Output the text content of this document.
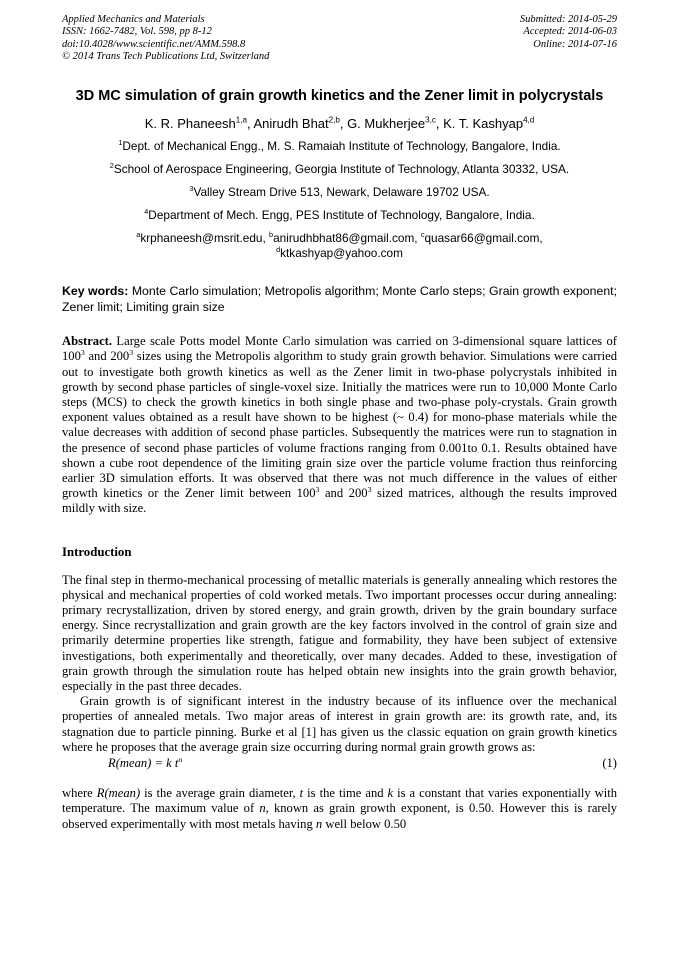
Applied Mechanics and Materials
ISSN: 1662-7482, Vol. 598, pp 8-12
doi:10.4028/www.scientific.net/AMM.598.8
© 2014 Trans Tech Publications Ltd, Switzerland
Submitted: 2014-05-29
Accepted: 2014-06-03
Online: 2014-07-16
3D MC simulation of grain growth kinetics and the Zener limit in polycrystals

K. R. Phaneesh$^{1,a}$, Anirudh Bhat$^{2,b}$, G. Mukherjee$^{3,c}$, K. T. Kashyap$^{4,d}$

$^1$Dept. of Mechanical Engg., M. S. Ramaiah Institute of Technology, Bangalore, India.

$^2$School of Aerospace Engineering, Georgia Institute of Technology, Atlanta 30332, USA.

$^3$Valley Stream Drive 513, Newark, Delaware 19702 USA.

$^4$Department of Mech. Engg, PES Institute of Technology, Bangalore, India.

$^a$krphaneesh@msrit.edu, $^b$anirudhbhat86@gmail.com, $^c$quasar66@gmail.com,
$^d$ktkashyap@yahoo.com

Key words: Monte Carlo simulation; Metropolis algorithm; Monte Carlo steps; Grain growth exponent; Zener limit; Limiting grain size

Abstract. Large scale Potts model Monte Carlo simulation was carried on 3-dimensional square lattices of $100^3$ and $200^3$ sizes using the Metropolis algorithm to study grain growth behavior. Simulations were carried out to investigate both growth kinetics as well as the Zener limit in two-phase polycrystals inhibited in growth by second phase particles of single-voxel size. Initially the matrices were run to 10,000 Monte Carlo steps (MCS) to check the growth kinetics in both single phase and two-phase poly-crystals. Grain growth exponent values obtained as a result have shown to be highest (~ 0.4) for mono-phase materials while the value decreases with addition of second phase particles. Subsequently the matrices were run to stagnation in the presence of second phase particles of volume fractions ranging from 0.001to 0.1. Results obtained have shown a cube root dependence of the limiting grain size over the particle volume fraction thus reinforcing earlier 3D simulation efforts. It was observed that there was not much difference in the values of either growth kinetics or the Zener limit between $100^3$ and $200^3$ sized matrices, although the results improved mildly with size.

Introduction

The final step in thermo-mechanical processing of metallic materials is generally annealing which restores the physical and mechanical properties of cold worked metals. Two important processes occur during annealing: primary recrystallization, driven by stored energy, and grain growth, driven by the grain boundary surface energy. Since recrystallization and grain growth are the key factors involved in the control of grain size and primarily determine properties like strength, fatigue and formability, they have been subject of extensive investigations, both experimentally and theoretically, over many decades. Added to these, investigation of grain growth through the simulation route has helped obtain new insights into the grain growth behavior, especially in the past three decades.

Grain growth is of significant interest in the industry because of its influence over the mechanical properties of annealed metals. Two major areas of interest in grain growth are: its growth rate, and, its stagnation due to particle pinning. Burke et al [1] has given us the classic equation on grain growth kinetics where he proposes that the average grain size occurring during normal grain growth grows as:

R(mean) = k $t^n$	(1)

where R(mean) is the average grain diameter, t is the time and k is a constant that varies exponentially with temperature. The maximum value of n, known as grain growth exponent, is 0.50. However this is rarely observed experimentally with most metals having n well below 0.50
